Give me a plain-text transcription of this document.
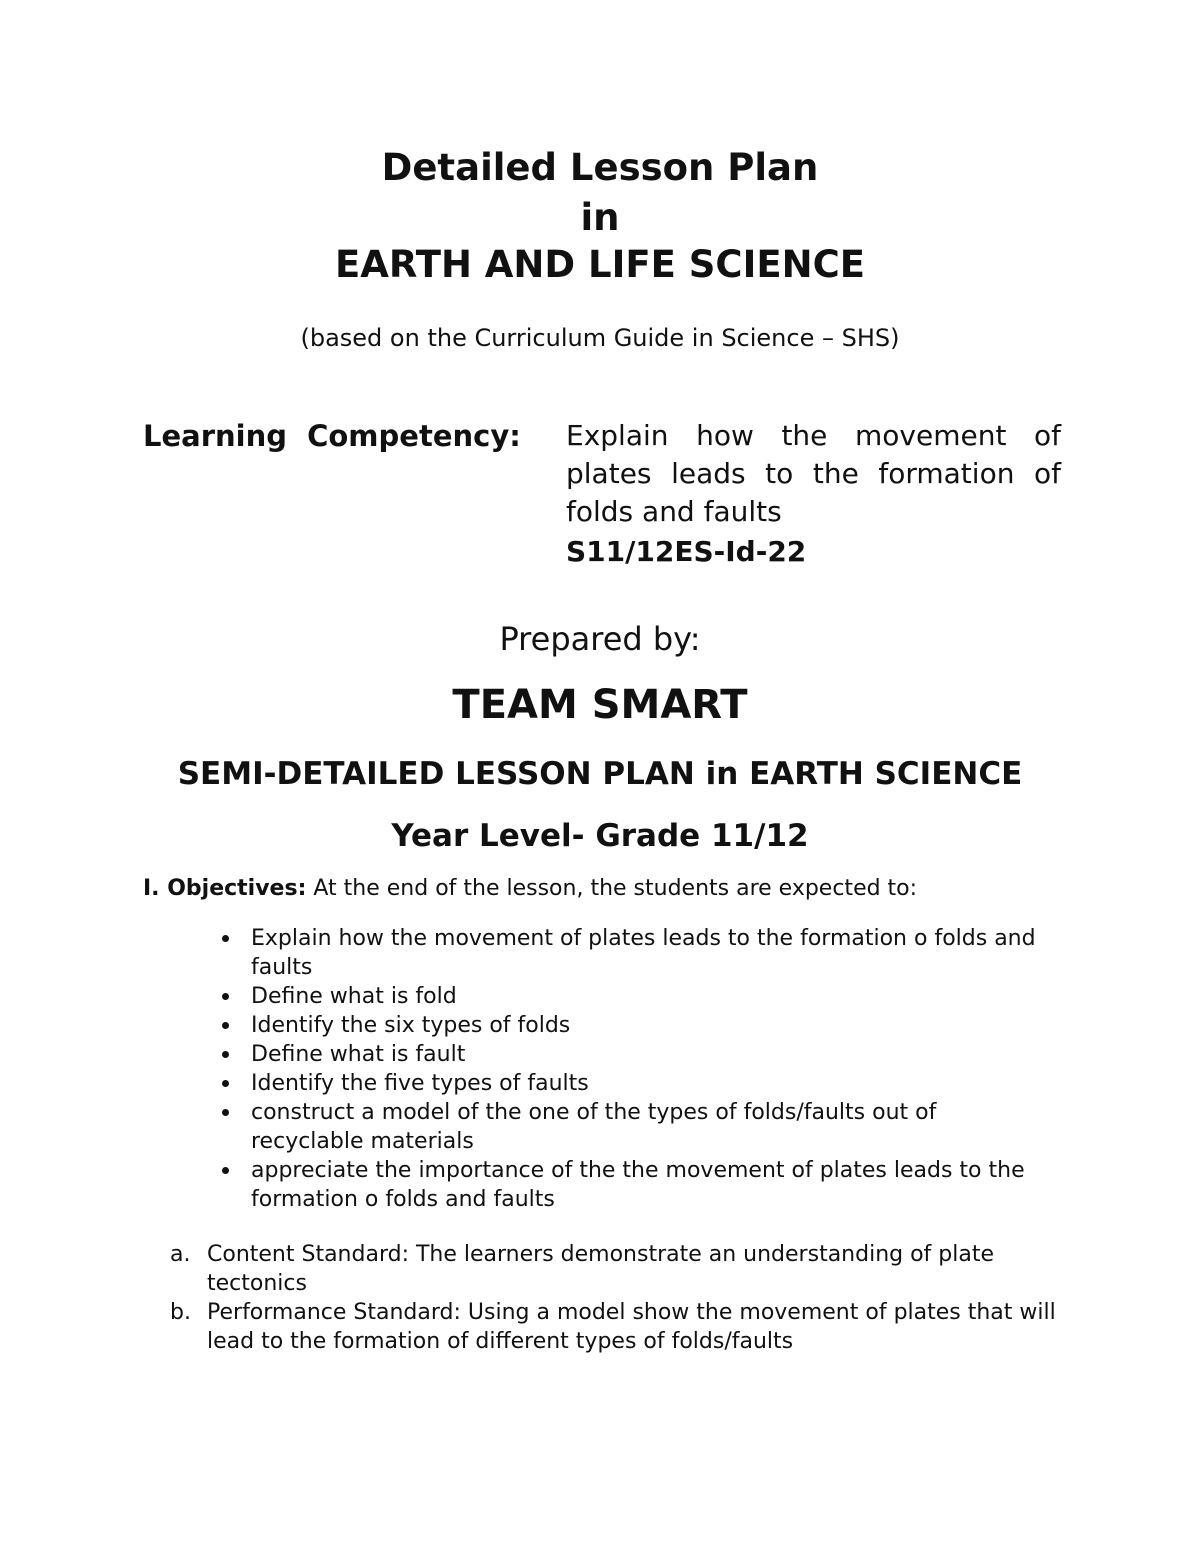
Detailed Lesson Plan

in

EARTH AND LIFE SCIENCE

(based on the Curriculum Guide in Science – SHS)

Learning Competency: Explain how the movement of plates leads to the formation of folds and faults

S11/12ES-Id-22

Prepared by:

TEAM SMART

SEMI-DETAILED LESSON PLAN in EARTH SCIENCE

Year Level- Grade 11/12

I. Objectives: At the end of the lesson, the students are expected to:

Explain how the movement of plates leads to the formation o folds and faults
Define what is fold
Identify the six types of folds
Define what is fault
Identify the five types of faults
construct a model of the one of the types of folds/faults out of recyclable materials
appreciate the importance of the the movement of plates leads to the formation o folds and faults
a. Content Standard: The learners demonstrate an understanding of plate tectonics
b. Performance Standard: Using a model show the movement of plates that will lead to the formation of different types of folds/faults
